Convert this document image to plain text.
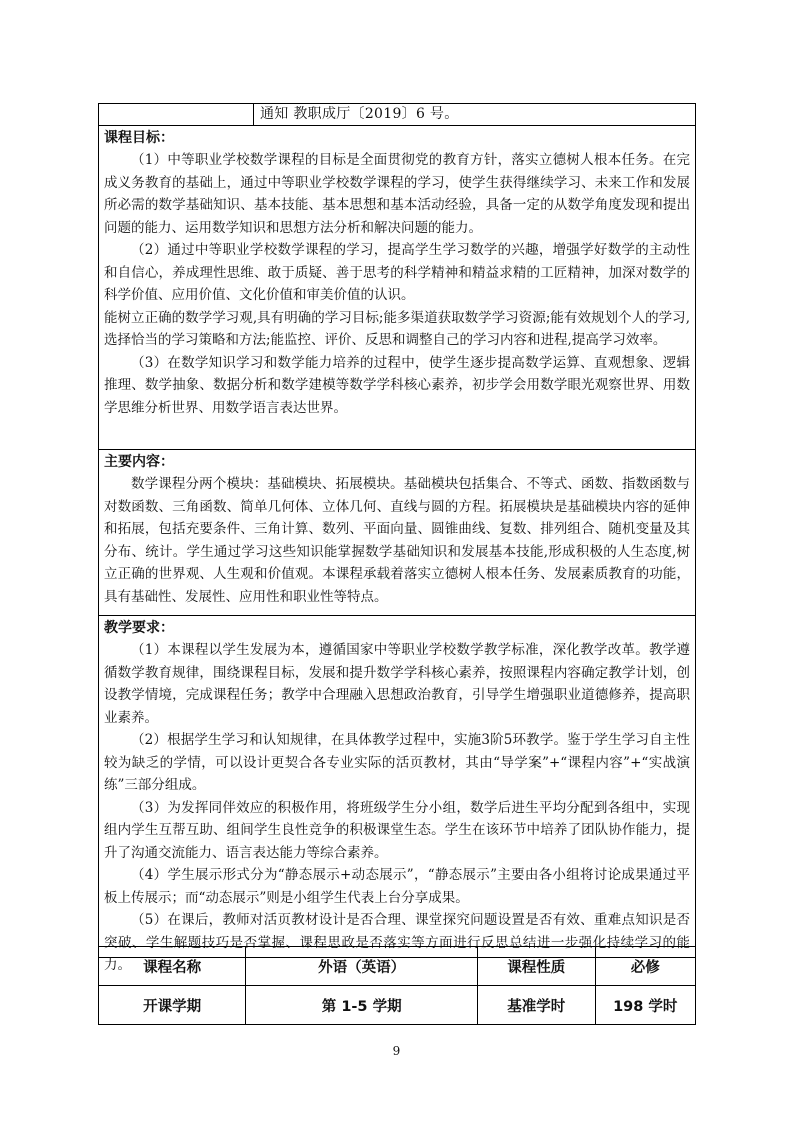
通知 教职成厅〔2019〕6 号。
课程目标：

（1）中等职业学校数学课程的目标是全面贯彻党的教育方针，落实立德树人根本任务。在完成义务教育的基础上，通过中等职业学校数学课程的学习，使学生获得继续学习、未来工作和发展所必需的数学基础知识、基本技能、基本思想和基本活动经验，具备一定的从数学角度发现和提出问题的能力、运用数学知识和思想方法分析和解决问题的能力。

（2）通过中等职业学校数学课程的学习，提高学生学习数学的兴趣，增强学好数学的主动性和自信心，养成理性思维、敢于质疑、善于思考的科学精神和精益求精的工匠精神，加深对数学的科学价值、应用价值、文化价值和审美价值的认识。

能树立正确的数学学习观,具有明确的学习目标;能多渠道获取数学学习资源;能有效规划个人的学习,选择恰当的学习策略和方法;能监控、评价、反思和调整自己的学习内容和进程,提高学习效率。

（3）在数学知识学习和数学能力培养的过程中，使学生逐步提高数学运算、直观想象、逻辑推理、数学抽象、数据分析和数学建模等数学学科核心素养，初步学会用数学眼光观察世界、用数学思维分析世界、用数学语言表达世界。

主要内容：

数学课程分两个模块：基础模块、拓展模块。基础模块包括集合、不等式、函数、指数函数与对数函数、三角函数、简单几何体、立体几何、直线与圆的方程。拓展模块是基础模块内容的延伸和拓展，包括充要条件、三角计算、数列、平面向量、圆锥曲线、复数、排列组合、随机变量及其分布、统计。学生通过学习这些知识能掌握数学基础知识和发展基本技能,形成积极的人生态度,树立正确的世界观、人生观和价值观。本课程承载着落实立德树人根本任务、发展素质教育的功能，具有基础性、发展性、应用性和职业性等特点。

教学要求：

（1）本课程以学生发展为本，遵循国家中等职业学校数学教学标准，深化教学改革。教学遵循数学教育规律，围绕课程目标，发展和提升数学学科核心素养，按照课程内容确定教学计划，创设教学情境，完成课程任务；教学中合理融入思想政治教育，引导学生增强职业道德修养，提高职业素养。

（2）根据学生学习和认知规律，在具体教学过程中，实施3阶5环教学。鉴于学生学习自主性较为缺乏的学情，可以设计更契合各专业实际的活页教材，其由“导学案”+“课程内容”+“实战演练”三部分组成。

（3）为发挥同伴效应的积极作用，将班级学生分小组，数学后进生平均分配到各组中，实现组内学生互帮互助、组间学生良性竞争的积极课堂生态。学生在该环节中培养了团队协作能力，提升了沟通交流能力、语言表达能力等综合素养。

（4）学生展示形式分为“静态展示+动态展示”，“静态展示”主要由各小组将讨论成果通过平板上传展示；而“动态展示”则是小组学生代表上台分享成果。

（5）在课后，教师对活页教材设计是否合理、课堂探究问题设置是否有效、重难点知识是否突破、学生解题技巧是否掌握、课程思政是否落实等方面进行反思总结进一步强化持续学习的能力。 课程名称	外语（英语）	课程性质	必修
开课学期	第 1-5 学期	基准学时	198 学时
9
